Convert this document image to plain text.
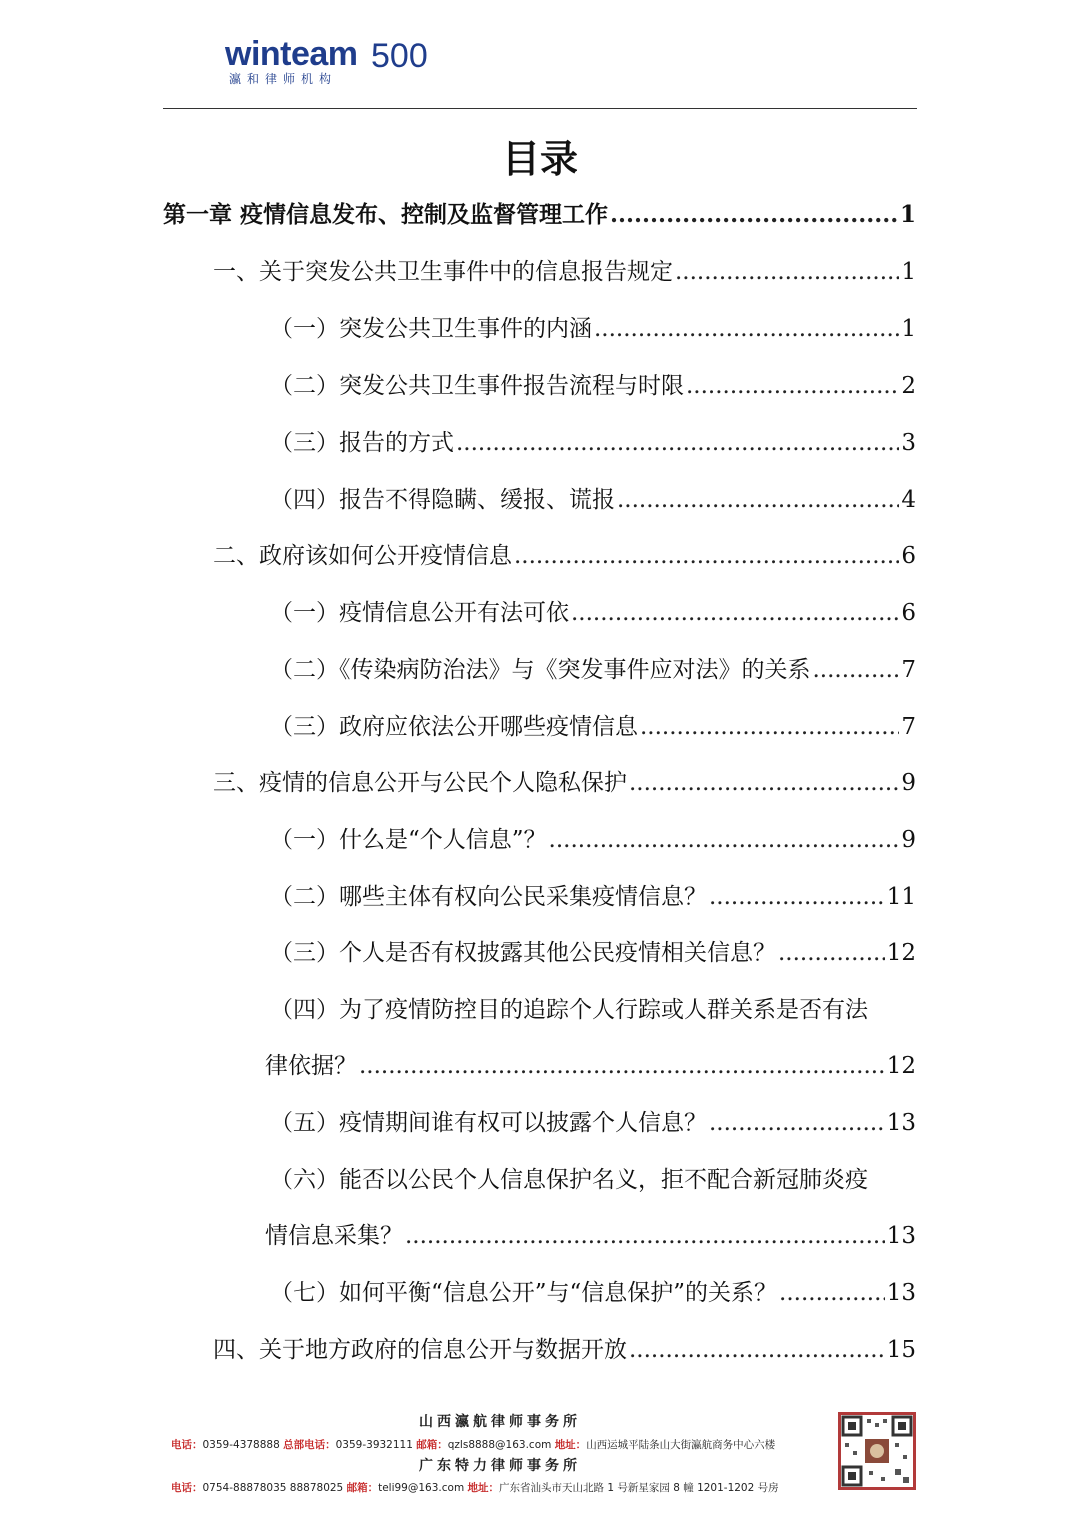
winteam 500
瀛和律师机构
目录
第一章 疫情信息发布、控制及监督管理工作 .....	1
一、关于突发公共卫生事件中的信息报告规定 .....	1
（一）突发公共卫生事件的内涵 .....	1
（二）突发公共卫生事件报告流程与时限 .....	2
（三）报告的方式 .....	3
（四）报告不得隐瞒、缓报、谎报 .....	4
二、政府该如何公开疫情信息 .....	6
（一）疫情信息公开有法可依 .....	6
（二）《传染病防治法》与《突发事件应对法》的关系 .....	7
（三）政府应依法公开哪些疫情信息 .....	7
三、疫情的信息公开与公民个人隐私保护 .....	9
（一）什么是“个人信息”？ .....	9
（二）哪些主体有权向公民采集疫情信息？ .....	11
（三）个人是否有权披露其他公民疫情相关信息？ .....	12
（四）为了疫情防控目的追踪个人行踪或人群关系是否有法
律依据？ .....	12
（五）疫情期间谁有权可以披露个人信息？ .....	13
（六）能否以公民个人信息保护名义，拒不配合新冠肺炎疫
情信息采集？ .....	13
（七）如何平衡“信息公开”与“信息保护”的关系？ .....	13
四、关于地方政府的信息公开与数据开放 .....	15
山西瀛航律师事务所
电话：0359-4378888 总部电话：0359-3932111 邮箱：qzls8888@163.com 地址：山西运城平陆条山大街瀛航商务中心六楼
广东特力律师事务所
电话：0754-88878035 88878025 邮箱：teli99@163.com 地址：广东省汕头市天山北路 1 号新星家园 8 幢 1201-1202 号房
